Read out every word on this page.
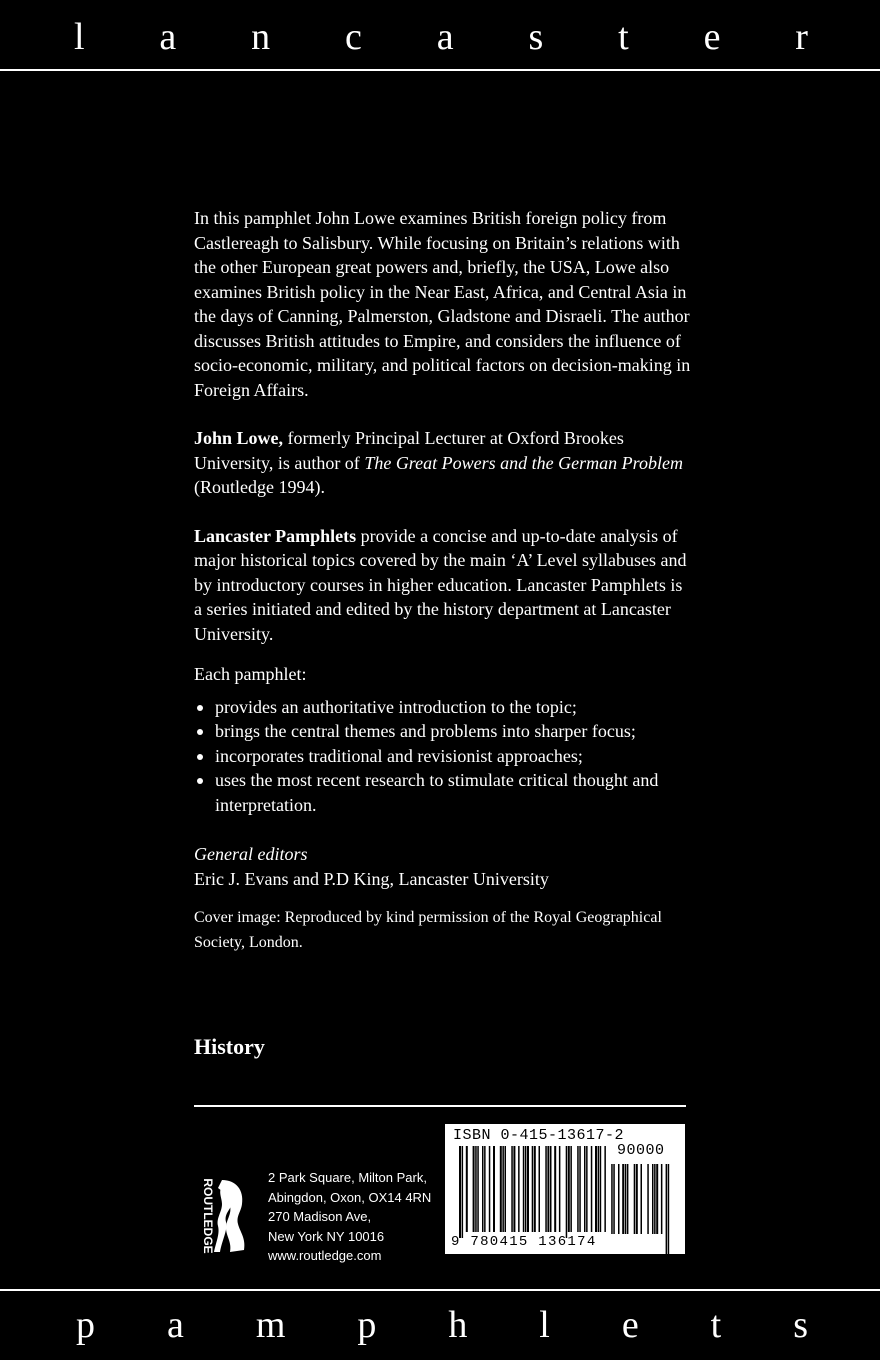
l a n c a s t e r

In this pamphlet John Lowe examines British foreign policy from Castlereagh to Salisbury. While focusing on Britain’s relations with the other European great powers and, briefly, the USA, Lowe also examines British policy in the Near East, Africa, and Central Asia in the days of Canning, Palmerston, Gladstone and Disraeli. The author discusses British attitudes to Empire, and considers the influence of socio-economic, military, and political factors on decision-making in Foreign Affairs.

John Lowe, formerly Principal Lecturer at Oxford Brookes University, is author of The Great Powers and the German Problem (Routledge 1994).

Lancaster Pamphlets provide a concise and up-to-date analysis of major historical topics covered by the main ‘A’ Level syllabuses and by introductory courses in higher education. Lancaster Pamphlets is a series initiated and edited by the history department at Lancaster University.

Each pamphlet:

provides an authoritative introduction to the topic;
brings the central themes and problems into sharper focus;
incorporates traditional and revisionist approaches;
uses the most recent research to stimulate critical thought and interpretation.

General editors

Eric J. Evans and P.D King, Lancaster University

Cover image: Reproduced by kind permission of the Royal Geographical Society, London.

History
ROUTLEDGE
2 Park Square, Milton Park,
Abingdon, Oxon, OX14 4RN
270 Madison Ave,
New York NY 10016
www.routledge.com
ISBN 0-415-13617-2
90000
9 780415 136174
p a m p h l e t s
